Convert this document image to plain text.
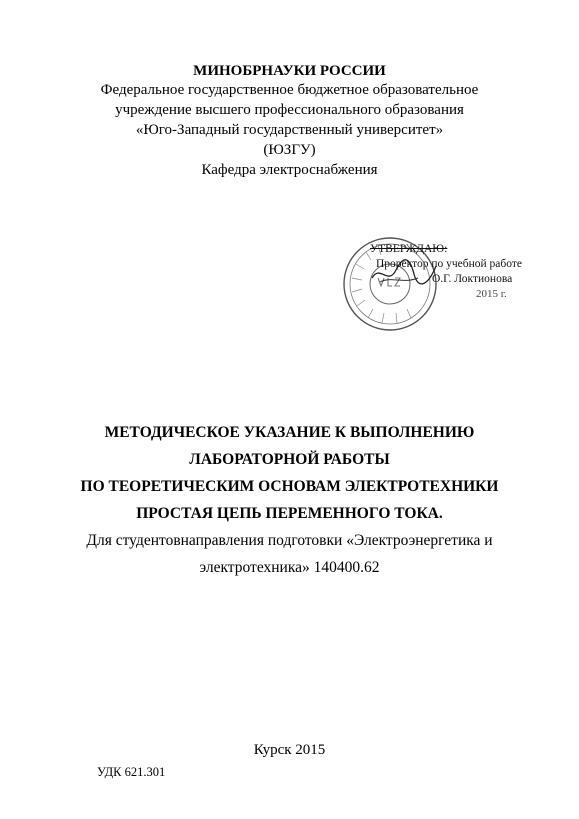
МИНОБРНАУКИ РОССИИ
Федеральное государственное бюджетное образовательное
учреждение высшего профессионального образования
«Юго-Западный государственный университет»
(ЮЗГУ)
Кафедра электроснабжения
УТВЕРЖДАЮ:
Проректор по учебной работе
О.Г. Локтионова
2015 г.
МЕТОДИЧЕСКОЕ УКАЗАНИЕ К ВЫПОЛНЕНИЮ
ЛАБОРАТОРНОЙ РАБОТЫ
ПО ТЕОРЕТИЧЕСКИМ ОСНОВАМ ЭЛЕКТРОТЕХНИКИ
ПРОСТАЯ ЦЕПЬ ПЕРЕМЕННОГО ТОКА.
Для студентовнаправления подготовки «Электроэнергетика и
электротехника» 140400.62
Курск 2015
УДК 621.301
